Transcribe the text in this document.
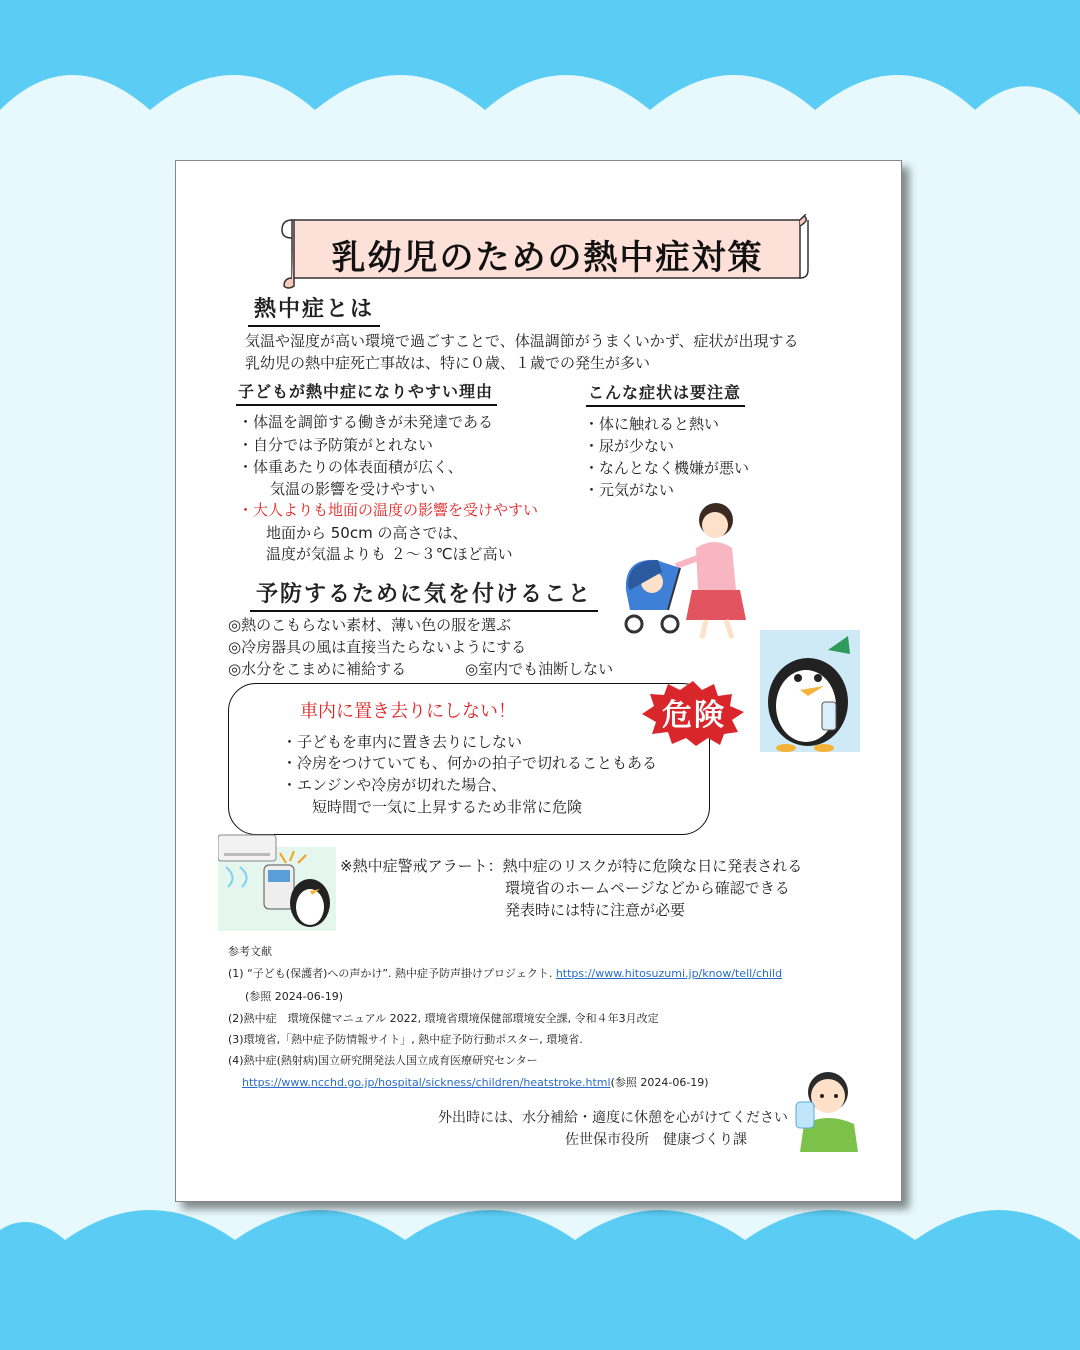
乳幼児のための熱中症対策
熱中症とは
気温や湿度が高い環境で過ごすことで、体温調節がうまくいかず、症状が出現する
乳幼児の熱中症死亡事故は、特に０歳、１歳での発生が多い
子どもが熱中症になりやすい理由
・体温を調節する働きが未発達である
・自分では予防策がとれない
・体重あたりの体表面積が広く、
気温の影響を受けやすい
・大人よりも地面の温度の影響を受けやすい
地面から 50cm の高さでは、
温度が気温よりも ２～３℃ほど高い
こんな症状は要注意
・体に触れると熱い
・尿が少ない
・なんとなく機嫌が悪い
・元気がない
予防するために気を付けること
◎熱のこもらない素材、薄い色の服を選ぶ
◎冷房器具の風は直接当たらないようにする
◎水分をこまめに補給する	◎室内でも油断しない
車内に置き去りにしない！	危険
・子どもを車内に置き去りにしない
・冷房をつけていても、何かの拍子で切れることもある
・エンジンや冷房が切れた場合、
短時間で一気に上昇するため非常に危険
※熱中症警戒アラート：熱中症のリスクが特に危険な日に発表される
環境省のホームページなどから確認できる
発表時には特に注意が必要
参考文献
(1) “子ども(保護者)への声かけ”. 熱中症予防声掛けプロジェクト. https://www.hitosuzumi.jp/know/tell/child
(参照 2024-06-19)
(2)熱中症　環境保健マニュアル 2022, 環境省環境保健部環境安全課, 令和４年3月改定
(3)環境省,「熱中症予防情報サイト」, 熱中症予防行動ポスター, 環境省.
(4)熱中症(熱射病)国立研究開発法人国立成育医療研究センター
https://www.ncchd.go.jp/hospital/sickness/children/heatstroke.html(参照 2024-06-19)
外出時には、水分補給・適度に休憩を心がけてください
佐世保市役所　健康づくり課
